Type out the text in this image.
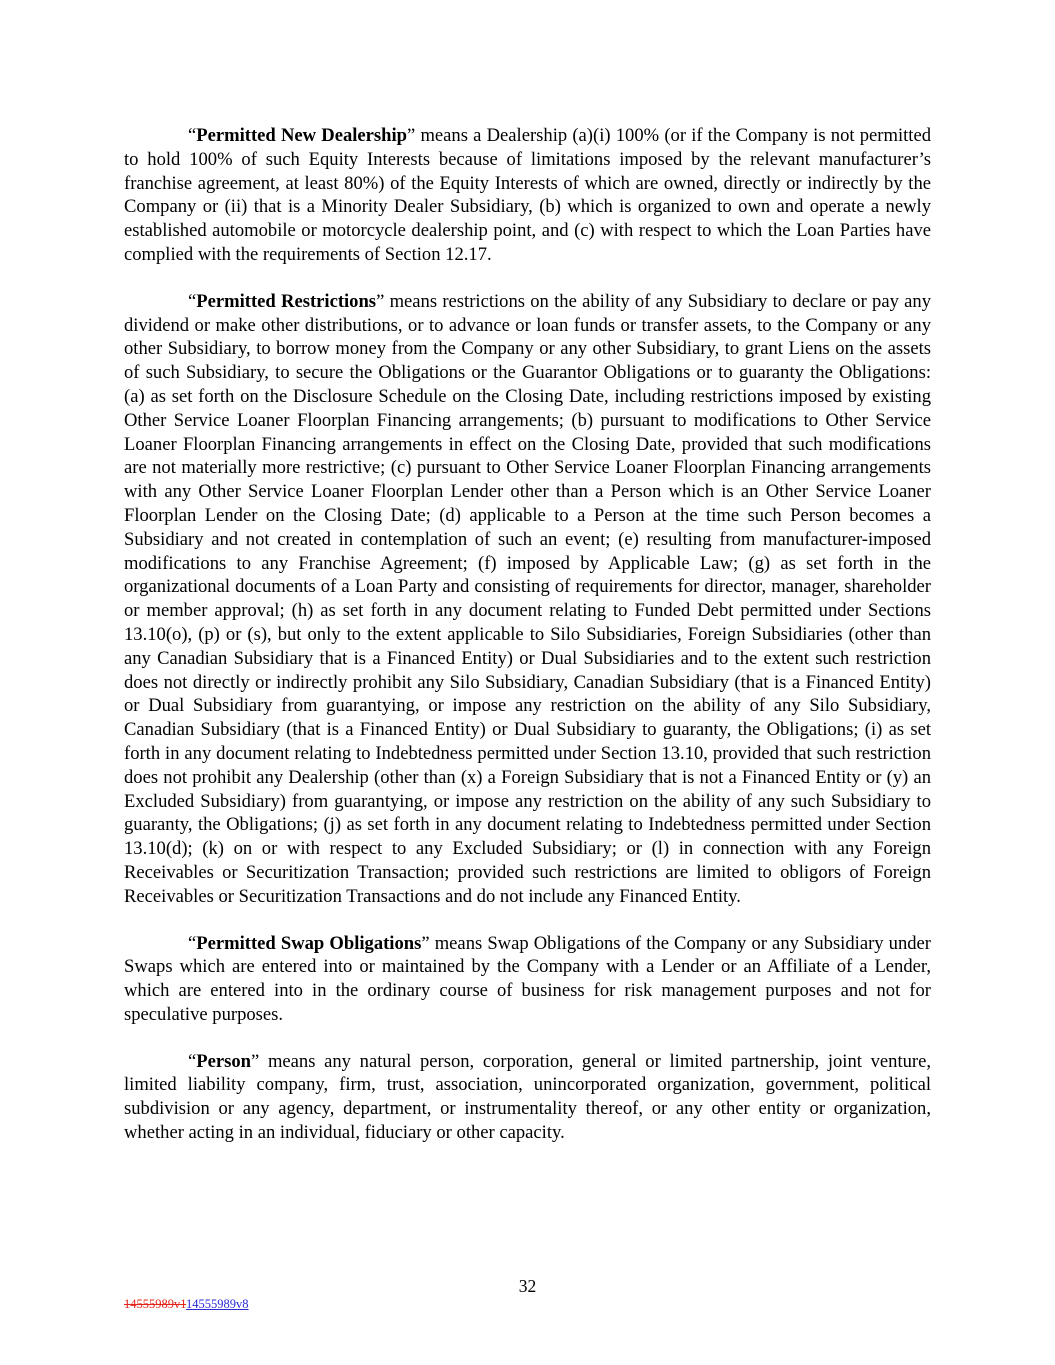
“Permitted New Dealership” means a Dealership (a)(i) 100% (or if the Company is not permitted to hold 100% of such Equity Interests because of limitations imposed by the relevant manufacturer’s franchise agreement, at least 80%) of the Equity Interests of which are owned, directly or indirectly by the Company or (ii) that is a Minority Dealer Subsidiary, (b) which is organized to own and operate a newly established automobile or motorcycle dealership point, and (c) with respect to which the Loan Parties have complied with the requirements of Section 12.17.

“Permitted Restrictions” means restrictions on the ability of any Subsidiary to declare or pay any dividend or make other distributions, or to advance or loan funds or transfer assets, to the Company or any other Subsidiary, to borrow money from the Company or any other Subsidiary, to grant Liens on the assets of such Subsidiary, to secure the Obligations or the Guarantor Obligations or to guaranty the Obligations: (a) as set forth on the Disclosure Schedule on the Closing Date, including restrictions imposed by existing Other Service Loaner Floorplan Financing arrangements; (b) pursuant to modifications to Other Service Loaner Floorplan Financing arrangements in effect on the Closing Date, provided that such modifications are not materially more restrictive; (c) pursuant to Other Service Loaner Floorplan Financing arrangements with any Other Service Loaner Floorplan Lender other than a Person which is an Other Service Loaner Floorplan Lender on the Closing Date; (d) applicable to a Person at the time such Person becomes a Subsidiary and not created in contemplation of such an event; (e) resulting from manufacturer-imposed modifications to any Franchise Agreement; (f) imposed by Applicable Law; (g) as set forth in the organizational documents of a Loan Party and consisting of requirements for director, manager, shareholder or member approval; (h) as set forth in any document relating to Funded Debt permitted under Sections 13.10(o), (p) or (s), but only to the extent applicable to Silo Subsidiaries, Foreign Subsidiaries (other than any Canadian Subsidiary that is a Financed Entity) or Dual Subsidiaries and to the extent such restriction does not directly or indirectly prohibit any Silo Subsidiary, Canadian Subsidiary (that is a Financed Entity) or Dual Subsidiary from guarantying, or impose any restriction on the ability of any Silo Subsidiary, Canadian Subsidiary (that is a Financed Entity) or Dual Subsidiary to guaranty, the Obligations; (i) as set forth in any document relating to Indebtedness permitted under Section 13.10, provided that such restriction does not prohibit any Dealership (other than (x) a Foreign Subsidiary that is not a Financed Entity or (y) an Excluded Subsidiary) from guarantying, or impose any restriction on the ability of any such Subsidiary to guaranty, the Obligations; (j) as set forth in any document relating to Indebtedness permitted under Section 13.10(d); (k) on or with respect to any Excluded Subsidiary; or (l) in connection with any Foreign Receivables or Securitization Transaction; provided such restrictions are limited to obligors of Foreign Receivables or Securitization Transactions and do not include any Financed Entity.

“Permitted Swap Obligations” means Swap Obligations of the Company or any Subsidiary under Swaps which are entered into or maintained by the Company with a Lender or an Affiliate of a Lender, which are entered into in the ordinary course of business for risk management purposes and not for speculative purposes.

“Person” means any natural person, corporation, general or limited partnership, joint venture, limited liability company, firm, trust, association, unincorporated organization, government, political subdivision or any agency, department, or instrumentality thereof, or any other entity or organization, whether acting in an individual, fiduciary or other capacity.

32
14555989v114555989v8
